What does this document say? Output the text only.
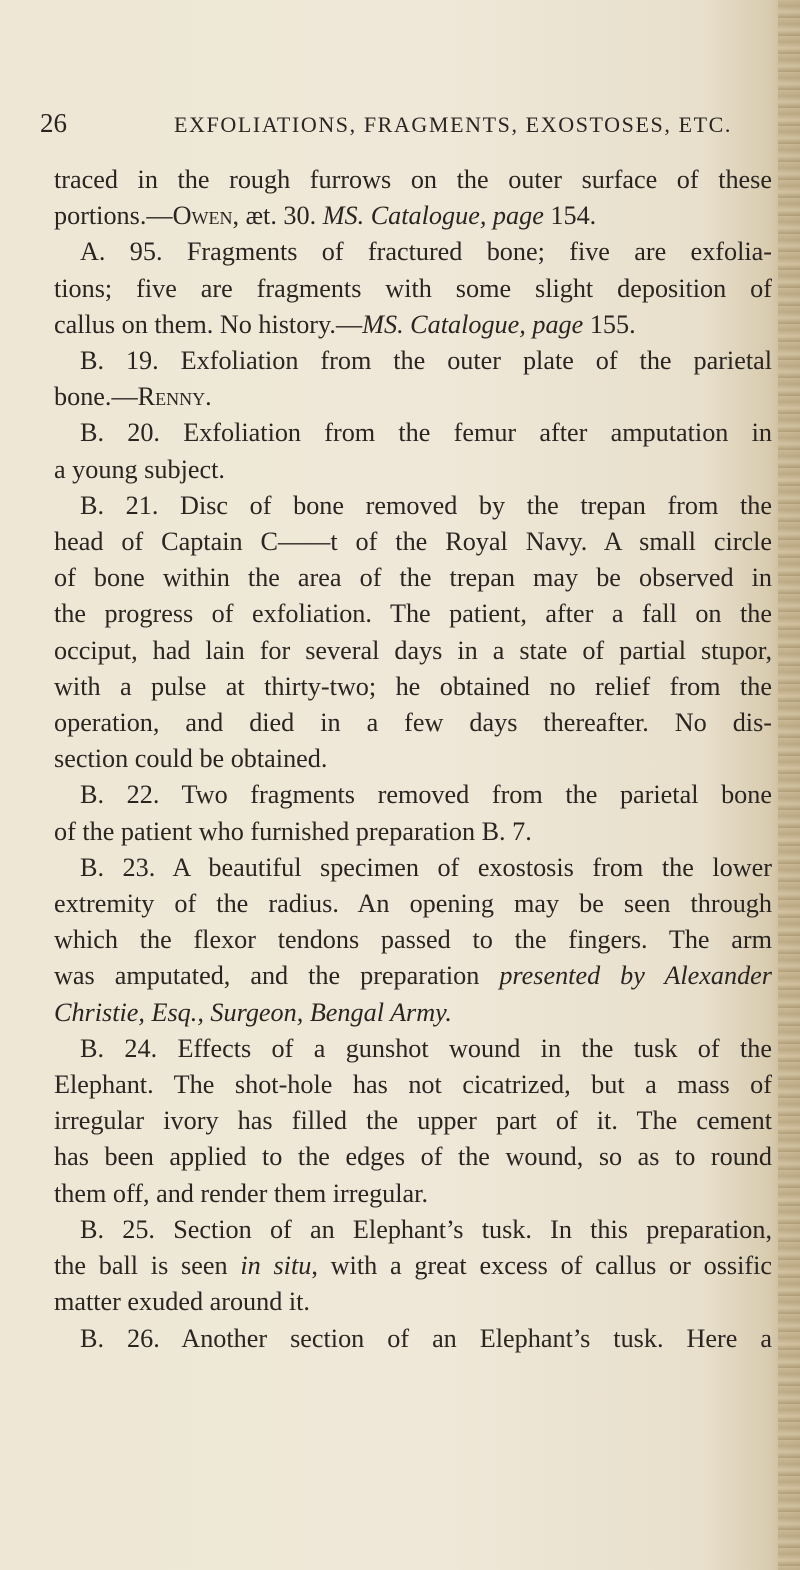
26	EXFOLIATIONS, FRAGMENTS, EXOSTOSES, ETC.
traced in the rough furrows on the outer surface of these
portions.—Owen, æt. 30. MS. Catalogue, page 154.
A. 95. Fragments of fractured bone; five are exfolia-
tions; five are fragments with some slight deposition of
callus on them. No history.—MS. Catalogue, page 155.
B. 19. Exfoliation from the outer plate of the parietal
bone.—Renny.
B. 20. Exfoliation from the femur after amputation in
a young subject.
B. 21. Disc of bone removed by the trepan from the
head of Captain C——t of the Royal Navy. A small circle
of bone within the area of the trepan may be observed in
the progress of exfoliation. The patient, after a fall on the
occiput, had lain for several days in a state of partial stupor,
with a pulse at thirty-two; he obtained no relief from the
operation, and died in a few days thereafter. No dis-
section could be obtained.
B. 22. Two fragments removed from the parietal bone
of the patient who furnished preparation B. 7.
B. 23. A beautiful specimen of exostosis from the lower
extremity of the radius. An opening may be seen through
which the flexor tendons passed to the fingers. The arm
was amputated, and the preparation presented by Alexander
Christie, Esq., Surgeon, Bengal Army.
B. 24. Effects of a gunshot wound in the tusk of the
Elephant. The shot-hole has not cicatrized, but a mass of
irregular ivory has filled the upper part of it. The cement
has been applied to the edges of the wound, so as to round
them off, and render them irregular.
B. 25. Section of an Elephant’s tusk. In this preparation,
the ball is seen in situ, with a great excess of callus or ossific
matter exuded around it.
B. 26. Another section of an Elephant’s tusk. Here a
